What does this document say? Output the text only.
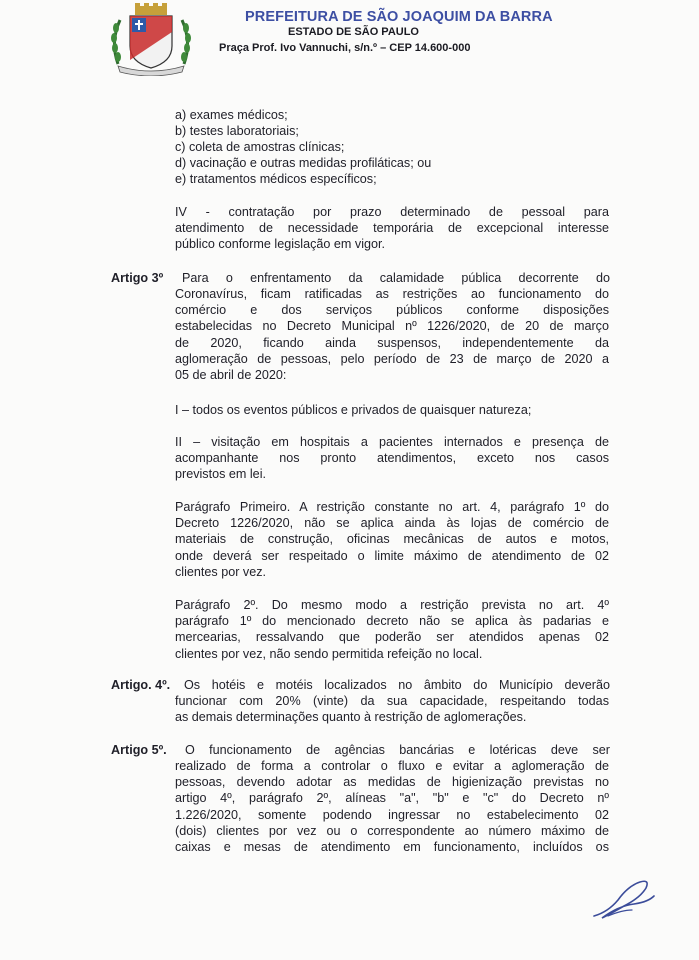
PREFEITURA DE SÃO JOAQUIM DA BARRA
ESTADO DE SÃO PAULO
Praça Prof. Ivo Vannuchi, s/n.º – CEP 14.600-000
a) exames médicos;
b) testes laboratoriais;
c) coleta de amostras clínicas;
d) vacinação e outras medidas profiláticas; ou
e) tratamentos médicos específicos;
IV - contratação por prazo determinado de pessoal para
atendimento de necessidade temporária de excepcional interesse
público conforme legislação em vigor.
Artigo 3º Para o enfrentamento da calamidade pública decorrente do
Coronavírus, ficam ratificadas as restrições ao funcionamento do
comércio e dos serviços públicos conforme disposições
estabelecidas no Decreto Municipal nº 1226/2020, de 20 de março
de 2020, ficando ainda suspensos, independentemente da
aglomeração de pessoas, pelo período de 23 de março de 2020 a
05 de abril de 2020:
I – todos os eventos públicos e privados de quaisquer natureza;
II – visitação em hospitais a pacientes internados e presença de
acompanhante nos pronto atendimentos, exceto nos casos
previstos em lei.
Parágrafo Primeiro. A restrição constante no art. 4, parágrafo 1º do
Decreto 1226/2020, não se aplica ainda às lojas de comércio de
materiais de construção, oficinas mecânicas de autos e motos,
onde deverá ser respeitado o limite máximo de atendimento de 02
clientes por vez.
Parágrafo 2º. Do mesmo modo a restrição prevista no art. 4º
parágrafo 1º do mencionado decreto não se aplica às padarias e
mercearias, ressalvando que poderão ser atendidos apenas 02
clientes por vez, não sendo permitida refeição no local.
Artigo. 4º. Os hotéis e motéis localizados no âmbito do Município deverão
funcionar com 20% (vinte) da sua capacidade, respeitando todas
as demais determinações quanto à restrição de aglomerações.
Artigo 5º. O funcionamento de agências bancárias e lotéricas deve ser
realizado de forma a controlar o fluxo e evitar a aglomeração de
pessoas, devendo adotar as medidas de higienização previstas no
artigo 4º, parágrafo 2º, alíneas "a", "b" e "c" do Decreto nº
1.226/2020, somente podendo ingressar no estabelecimento 02
(dois) clientes por vez ou o correspondente ao número máximo de
caixas e mesas de atendimento em funcionamento, incluídos os
